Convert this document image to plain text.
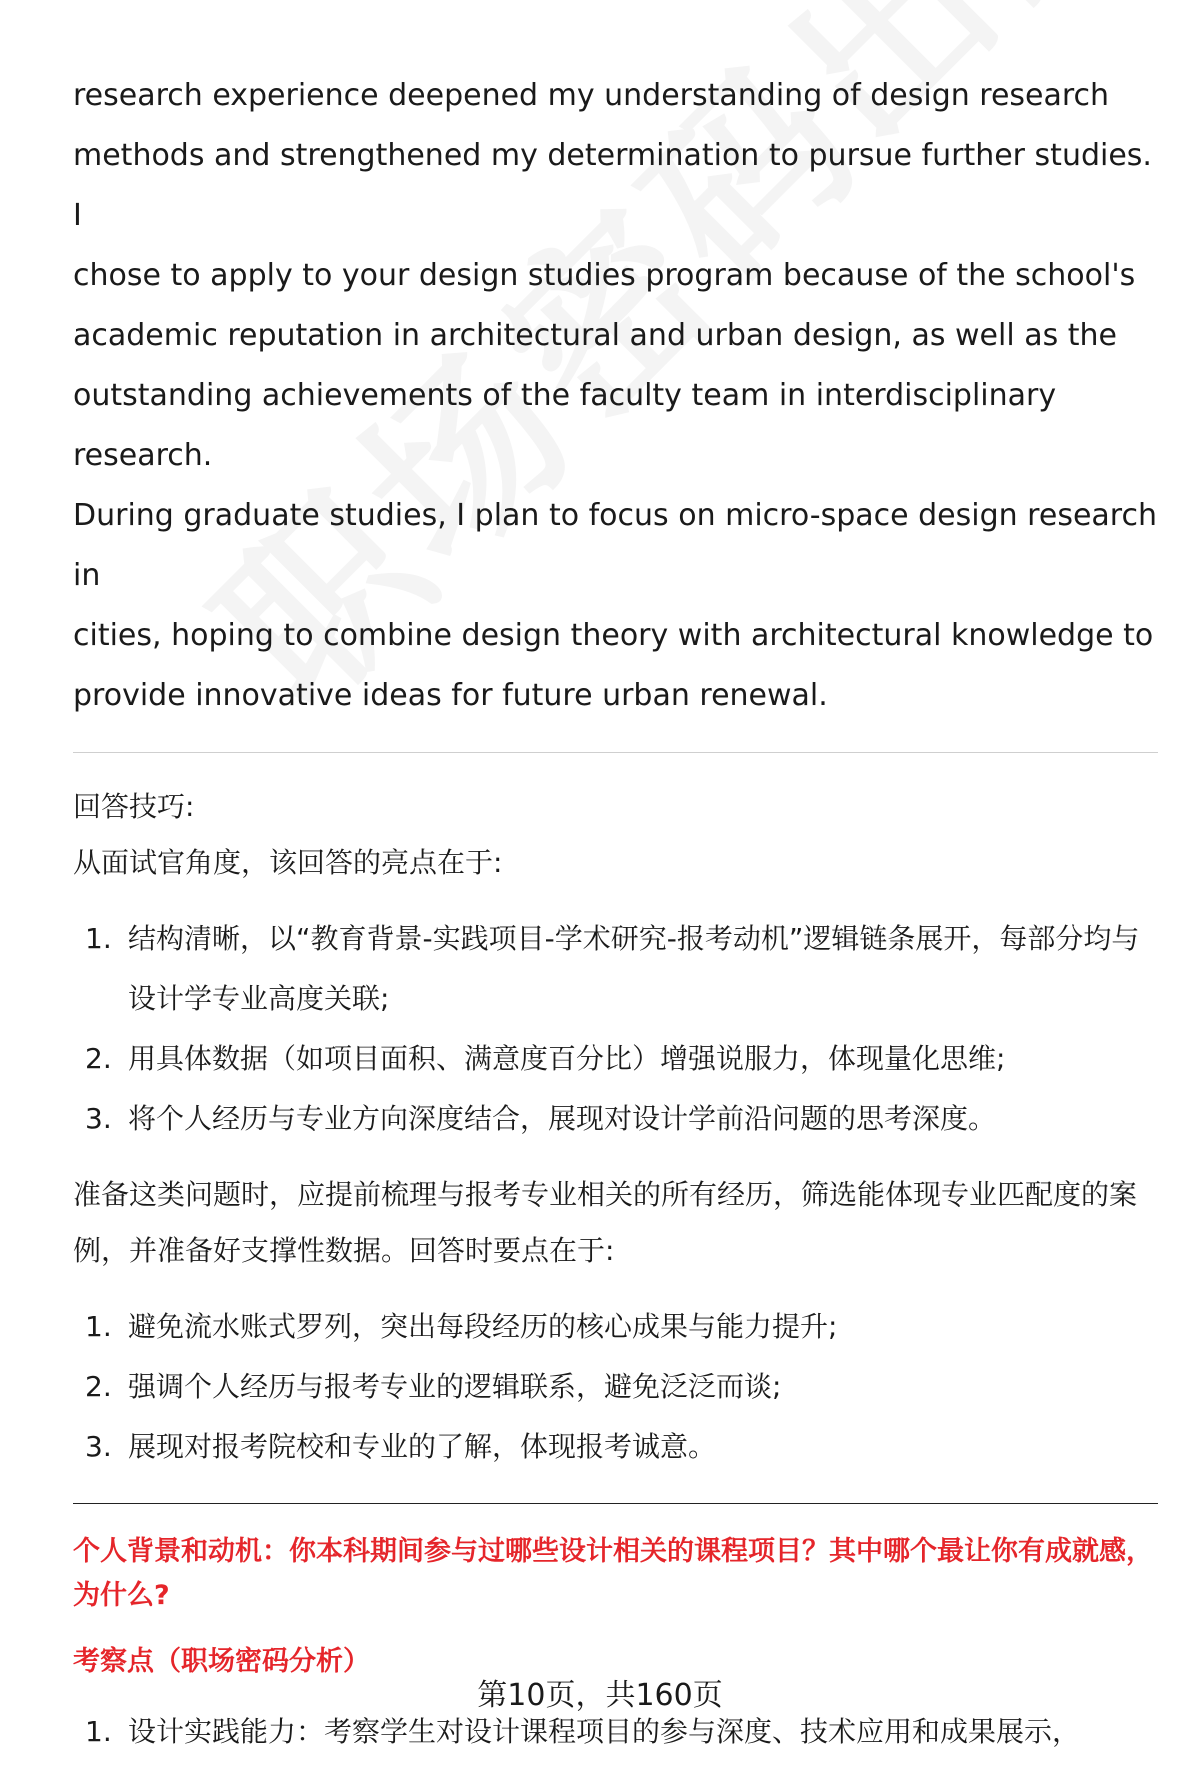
research experience deepened my understanding of design research

methods and strengthened my determination to pursue further studies. I

chose to apply to your design studies program because of the school's

academic reputation in architectural and urban design, as well as the

outstanding achievements of the faculty team in interdisciplinary research.

During graduate studies, I plan to focus on micro-space design research in

cities, hoping to combine design theory with architectural knowledge to

provide innovative ideas for future urban renewal.

回答技巧:

从面试官角度，该回答的亮点在于:

1. 结构清晰，以“教育背景-实践项目-学术研究-报考动机”逻辑链条展开，每部分均与设计学专业高度关联;
2. 用具体数据（如项目面积、满意度百分比）增强说服力，体现量化思维;
3. 将个人经历与专业方向深度结合，展现对设计学前沿问题的思考深度。

准备这类问题时，应提前梳理与报考专业相关的所有经历，筛选能体现专业匹配度的案例，并准备好支撑性数据。回答时要点在于:

1. 避免流水账式罗列，突出每段经历的核心成果与能力提升;
2. 强调个人经历与报考专业的逻辑联系，避免泛泛而谈;
3. 展现对报考院校和专业的了解，体现报考诚意。

个人背景和动机：你本科期间参与过哪些设计相关的课程项目？其中哪个最让你有成就感，为什么?

考察点（职场密码分析）

1. 设计实践能力：考察学生对设计课程项目的参与深度、技术应用和成果展示，
第10页，共160页
